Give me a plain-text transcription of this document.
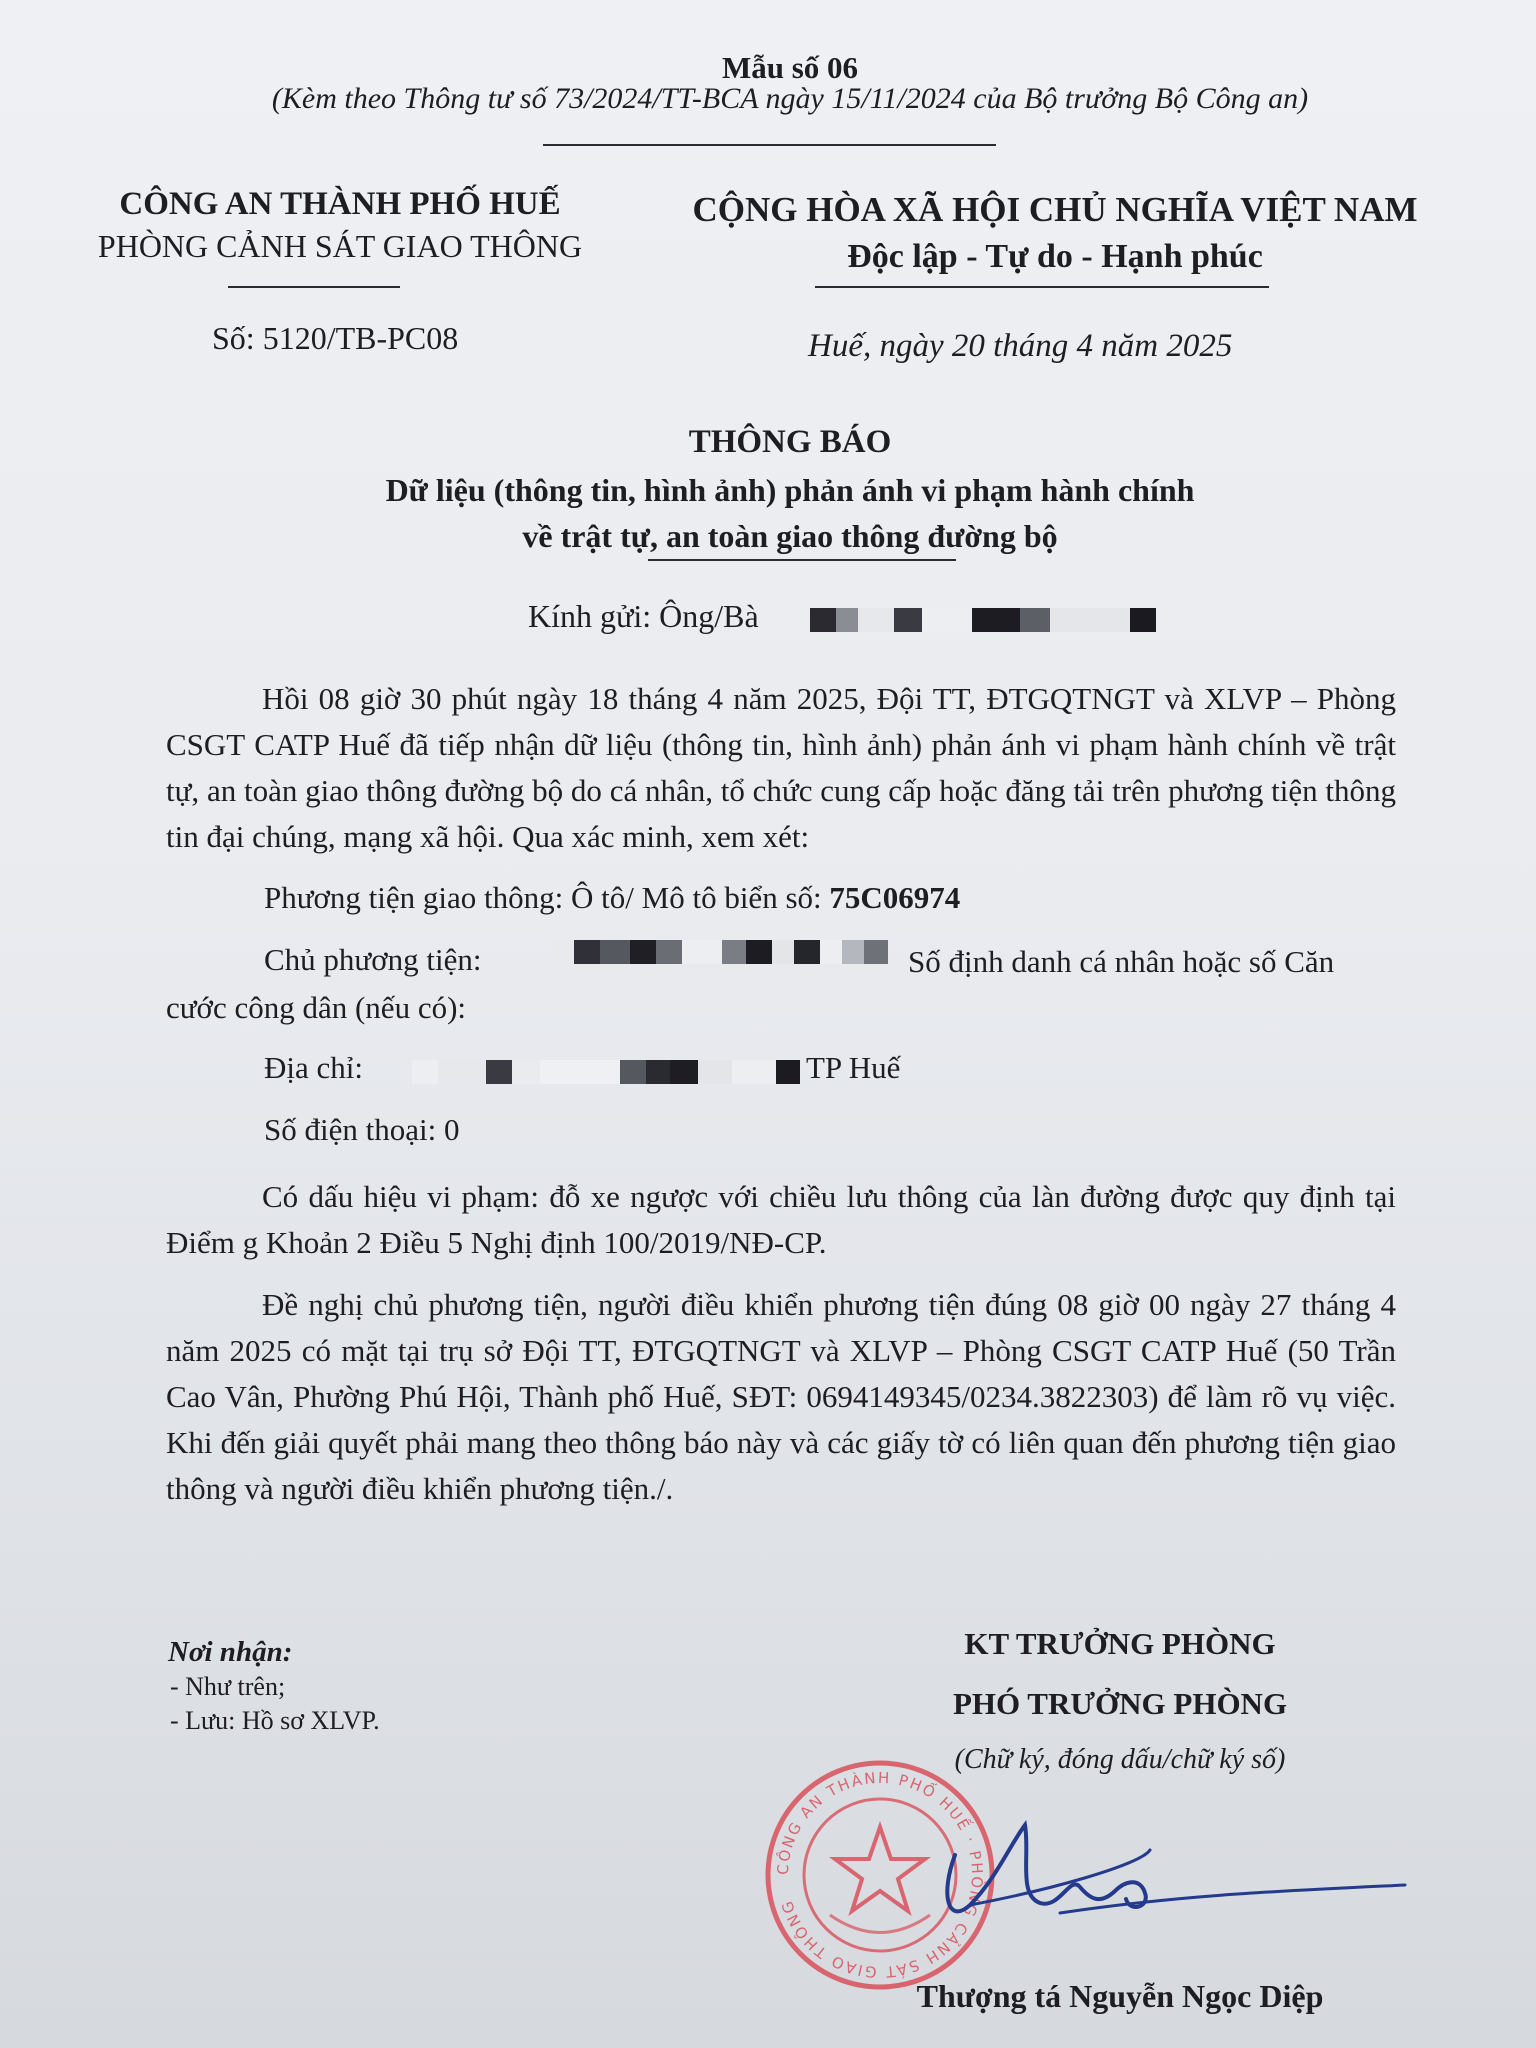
Mẫu số 06
(Kèm theo Thông tư số 73/2024/TT-BCA ngày 15/11/2024 của Bộ trưởng Bộ Công an)
CÔNG AN THÀNH PHỐ HUẾ
PHÒNG CẢNH SÁT GIAO THÔNG
Số: 5120/TB-PC08
CỘNG HÒA XÃ HỘI CHỦ NGHĨA VIỆT NAM
Độc lập - Tự do - Hạnh phúc
Huế, ngày 20 tháng 4 năm 2025
THÔNG BÁO
Dữ liệu (thông tin, hình ảnh) phản ánh vi phạm hành chính
về trật tự, an toàn giao thông đường bộ
Kính gửi: Ông/Bà
Hồi 08 giờ 30 phút ngày 18 tháng 4 năm 2025, Đội TT, ĐTGQTNGT và XLVP – Phòng CSGT CATP Huế đã tiếp nhận dữ liệu (thông tin, hình ảnh) phản ánh vi phạm hành chính về trật tự, an toàn giao thông đường bộ do cá nhân, tổ chức cung cấp hoặc đăng tải trên phương tiện thông tin đại chúng, mạng xã hội. Qua xác minh, xem xét:
Phương tiện giao thông: Ô tô/ Mô tô biển số: 75C06974
Chủ phương tiện:	Số định danh cá nhân hoặc số Căn
cước công dân (nếu có):
Địa chỉ:	TP Huế
Số điện thoại: 0
Có dấu hiệu vi phạm: đỗ xe ngược với chiều lưu thông của làn đường được quy định tại Điểm g Khoản 2 Điều 5 Nghị định 100/2019/NĐ-CP.
Đề nghị chủ phương tiện, người điều khiển phương tiện đúng 08 giờ 00 ngày 27 tháng 4 năm 2025 có mặt tại trụ sở Đội TT, ĐTGQTNGT và XLVP – Phòng CSGT CATP Huế (50 Trần Cao Vân, Phường Phú Hội, Thành phố Huế, SĐT: 0694149345/0234.3822303) để làm rõ vụ việc. Khi đến giải quyết phải mang theo thông báo này và các giấy tờ có liên quan đến phương tiện giao thông và người điều khiển phương tiện./.
Nơi nhận:
- Như trên;
- Lưu: Hồ sơ XLVP.
KT TRƯỞNG PHÒNG
PHÓ TRƯỞNG PHÒNG
(Chữ ký, đóng dấu/chữ ký số)
CÔNG AN THÀNH PHỐ HUẾ · PHÒNG CẢNH SÁT GIAO THÔNG
Thượng tá Nguyễn Ngọc Diệp
